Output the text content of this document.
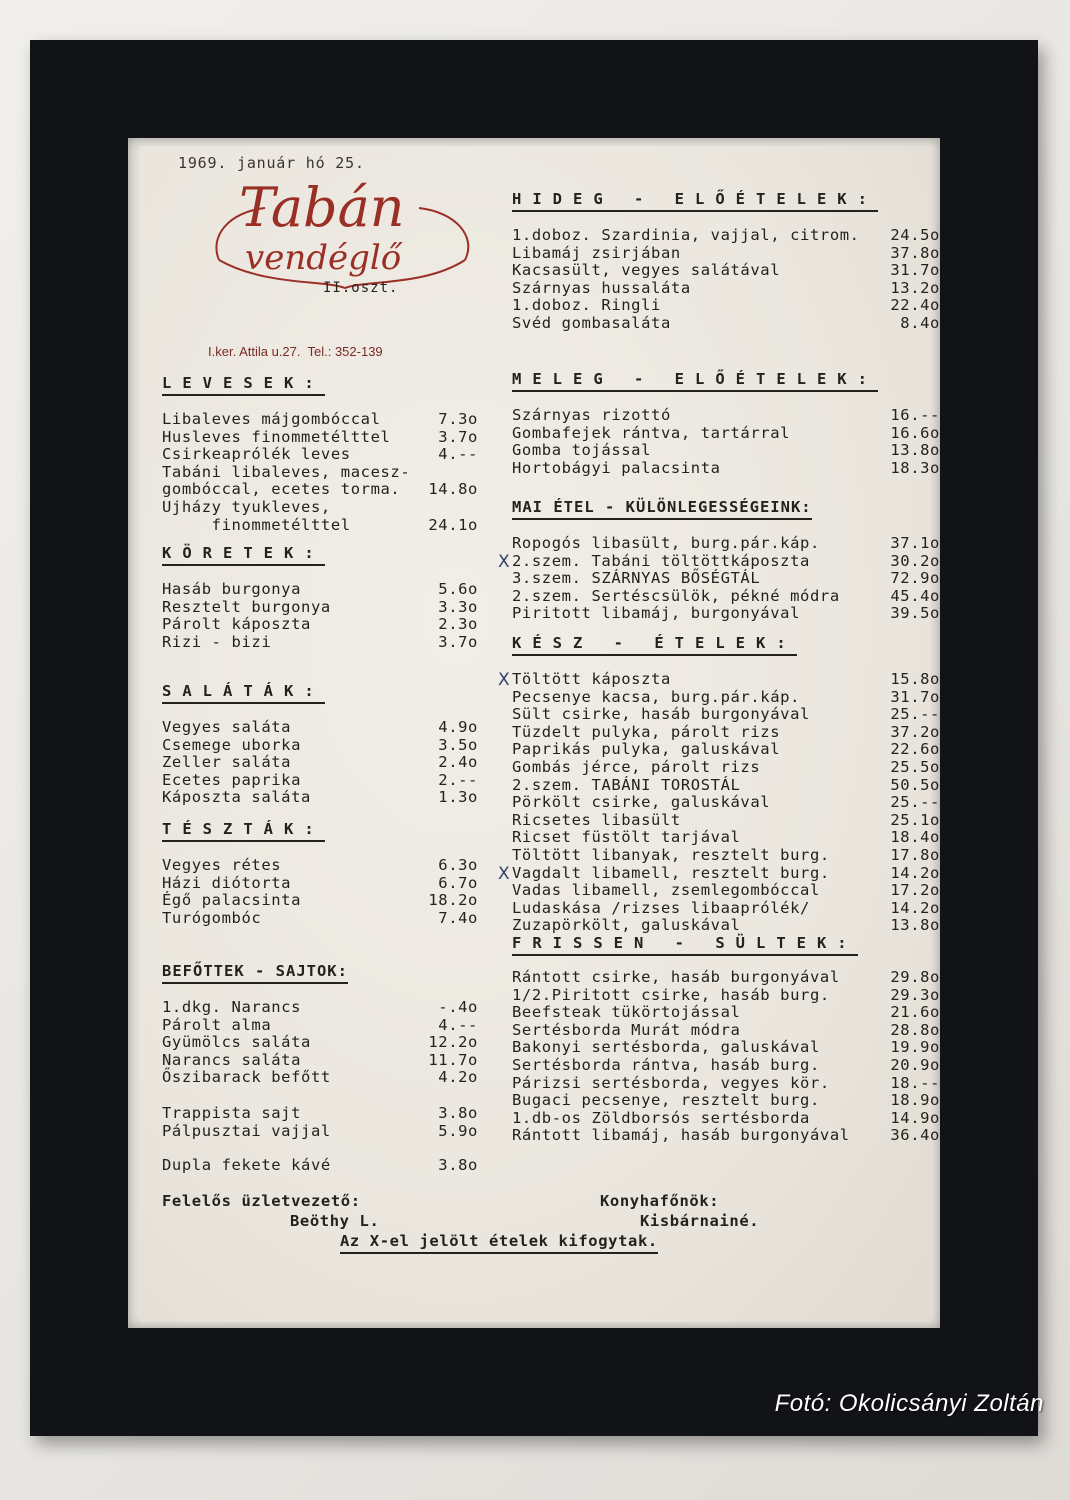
1969. január hó 25.
Tabán
vendéglő
II.oszt.
I.ker. Attila u.27.  Tel.: 352-139
Felelős üzletvezető:
Beöthy L.
Konyhafőnök:
Kisbárnainé.
Az X-el jelölt ételek kifogytak.
LEVESEK:
Libaleves májgombóccal	7.3o
Husleves finommetélttel	3.7o
Csirkeaprólék leves	4.--
Tabáni libaleves, macesz-
gombóccal, ecetes torma. 14.8o
Ujházy tyukleves,
finommetélttel	24.1o
KÖRETEK:
Hasáb burgonya	5.6o
Resztelt burgonya	3.3o
Párolt káposzta	2.3o
Rizi - bizi	3.7o
SALÁTÁK:
Vegyes saláta	4.9o
Csemege uborka	3.5o
Zeller saláta	2.4o
Ecetes paprika	2.--
Káposzta saláta	1.3o
TÉSZTÁK:
Vegyes rétes	6.3o
Házi diótorta	6.7o
Égő palacsinta	18.2o
Turógombóc	7.4o
BEFŐTTEK - SAJTOK:
1.dkg. Narancs	-.4o
Párolt alma	4.--
Gyümölcs saláta	12.2o
Narancs saláta	11.7o
Őszibarack befőtt	4.2o
Trappista sajt	3.8o
Pálpusztai vajjal	5.9o
Dupla fekete kávé	3.8o
HIDEG - ELŐÉTELEK:
1.doboz. Szardinia, vajjal, citrom. 24.5o
Libamáj zsirjában	37.8o
Kacsasült, vegyes salátával	31.7o
Szárnyas hussaláta	13.2o
1.doboz. Ringli	22.4o
Svéd gombasaláta	8.4o
MELEG - ELŐÉTELEK:
Szárnyas rizottó	16.--
Gombafejek rántva, tartárral	16.6o
Gomba tojással	13.8o
Hortobágyi palacsinta	18.3o
MAI ÉTEL - KÜLÖNLEGESSÉGEINK:
Ropogós libasült, burg.pár.káp.	37.1o
2.szem. Tabáni töltöttkáposzta	30.2o
X
3.szem. SZÁRNYAS BŐSÉGTÁL	72.9o
2.szem. Sertéscsülök, pékné módra	45.4o
Piritott libamáj, burgonyával	39.5o
KÉSZ - ÉTELEK:
Töltött káposzta	15.8o
X
Pecsenye kacsa, burg.pár.káp.	31.7o
Sült csirke, hasáb burgonyával	25.--
Tüzdelt pulyka, párolt rizs	37.2o
Paprikás pulyka, galuskával	22.6o
Gombás jérce, párolt rizs	25.5o
2.szem. TABÁNI TOROSTÁL	50.5o
Pörkölt csirke, galuskával	25.--
Ricsetes libasült	25.1o
Ricset füstölt tarjával	18.4o
Töltött libanyak, resztelt burg.	17.8o
Vagdalt libamell, resztelt burg.	14.2o
X
Vadas libamell, zsemlegombóccal	17.2o
Ludaskása /rizses libaaprólék/	14.2o
Zuzapörkölt, galuskával	13.8o
FRISSEN - SÜLTEK:
Rántott csirke, hasáb burgonyával	29.8o
1/2.Piritott csirke, hasáb burg.	29.3o
Beefsteak tükörtojással	21.6o
Sertésborda Murát módra	28.8o
Bakonyi sertésborda, galuskával	19.9o
Sertésborda rántva, hasáb burg.	20.9o
Párizsi sertésborda, vegyes kör.	18.--
Bugaci pecsenye, resztelt burg.	18.9o
1.db-os Zöldborsós sertésborda	14.9o
Rántott libamáj, hasáb burgonyával	36.4o
Fotó: Okolicsányi Zoltán
